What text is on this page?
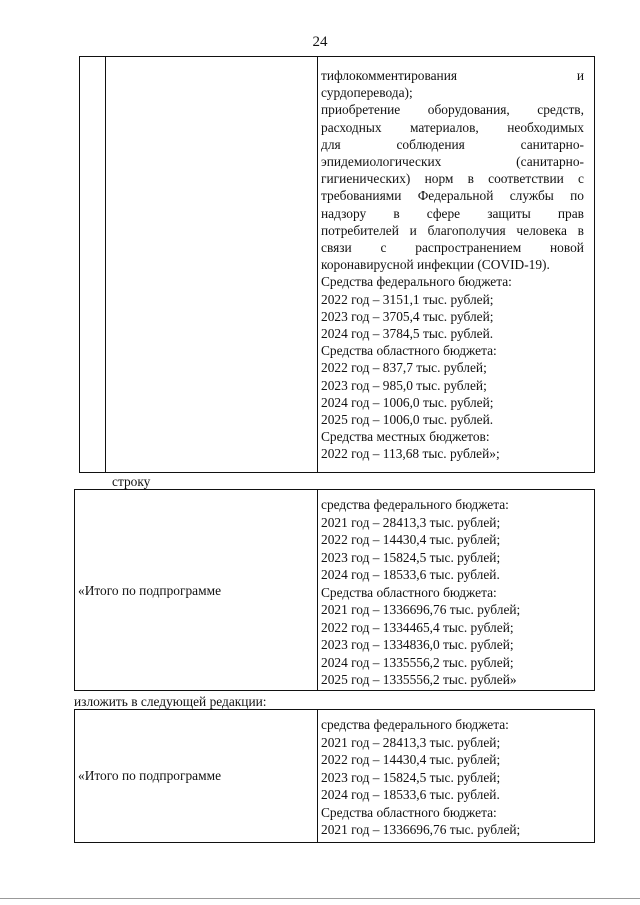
24
тифлокомментирования	и
сурдоперевода);
приобретение оборудования, средств,
расходных материалов, необходимых
для	соблюдения	санитарно-
эпидемиологических	(санитарно-
гигиенических) норм в соответствии с
требованиями Федеральной службы по
надзору в сфере защиты прав
потребителей и благополучия человека в
связи с распространением новой
коронавирусной инфекции (COVID-19).
Средства федерального бюджета:
2022 год – 3151,1 тыс. рублей;
2023 год – 3705,4 тыс. рублей;
2024 год – 3784,5 тыс. рублей.
Средства областного бюджета:
2022 год – 837,7 тыс. рублей;
2023 год – 985,0 тыс. рублей;
2024 год – 1006,0 тыс. рублей;
2025 год – 1006,0 тыс. рублей.
Средства местных бюджетов:
2022 год – 113,68 тыс. рублей»;
строку
«Итого по подпрограмме
средства федерального бюджета:
2021 год – 28413,3 тыс. рублей;
2022 год – 14430,4 тыс. рублей;
2023 год – 15824,5 тыс. рублей;
2024 год – 18533,6 тыс. рублей.
Средства областного бюджета:
2021 год – 1336696,76 тыс. рублей;
2022 год – 1334465,4 тыс. рублей;
2023 год – 1334836,0 тыс. рублей;
2024 год – 1335556,2 тыс. рублей;
2025 год – 1335556,2 тыс. рублей»
изложить в следующей редакции:
«Итого по подпрограмме
средства федерального бюджета:
2021 год – 28413,3 тыс. рублей;
2022 год – 14430,4 тыс. рублей;
2023 год – 15824,5 тыс. рублей;
2024 год – 18533,6 тыс. рублей.
Средства областного бюджета:
2021 год – 1336696,76 тыс. рублей;
